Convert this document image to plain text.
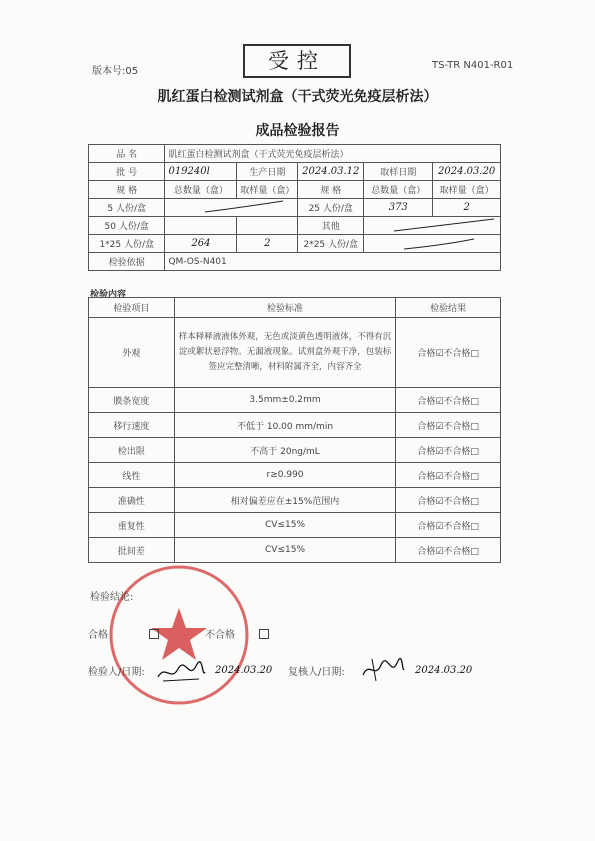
版本号:05	受控	TS-TR N401-R01
肌红蛋白检测试剂盒（干式荧光免疫层析法）
成品检验报告
品 名	肌红蛋白检测试剂盒（干式荧光免疫层析法）				
批 号	019240l	生产日期	2024.03.12	取样日期	2024.03.20
规 格	总数量（盒）	取样量（盒）	规 格	总数量（盒）	取样量（盒）
5 人份/盒			25 人份/盒	373	2
50 人份/盒			其他	

1*25 人份/盒	264	2	2*25 人份/盒	

检验依据	QM-OS-N401				
检验内容
检验项目	检验标准	检验结果
外观	样本释释液液体外观，无色或淡黄色透明液体，不得有沉淀或絮状悬浮物。无漏液现象。试剂盒外观干净，包装标签应完整清晰，材料附属齐全，内容齐全	合格☑不合格□
膜条宽度	3.5mm±0.2mm	合格☑不合格□
移行速度	不低于 10.00 mm/min	合格☑不合格□
检出限	不高于 20ng/mL	合格☑不合格□
线性	r≥0.990	合格☑不合格□
准确性	相对偏差应在±15%范围内	合格☑不合格□
重复性	CV≤15%	合格☑不合格□
批间差	CV≤15%	合格☑不合格□
检验结论:
合格	不合格
检验人/日期:	2024.03.20 复核人/日期:	2024.03.20
